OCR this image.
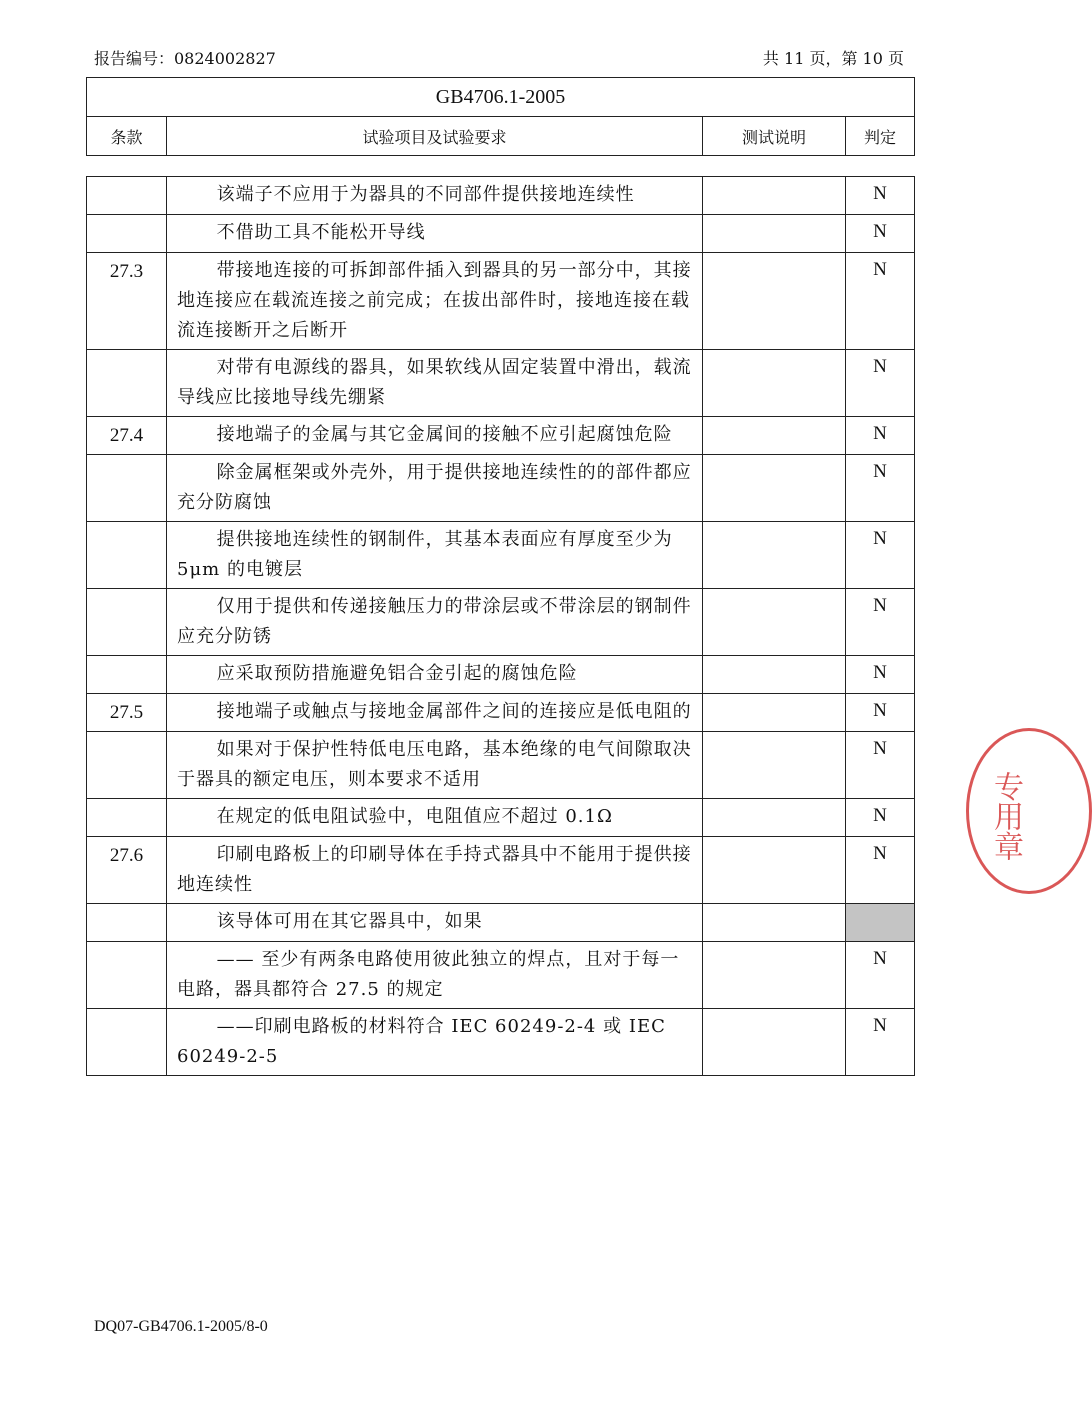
报告编号：0824002827	共 11 页，第 10 页
GB4706.1-2005
条款	试验项目及试验要求	测试说明	判定
	该端子不应用于为器具的不同部件提供接地连续性		N
	不借助工具不能松开导线		N
27.3	带接地连接的可拆卸部件插入到器具的另一部分中，其接地连接应在载流连接之前完成；在拔出部件时，接地连接在载流连接断开之后断开		N
	对带有电源线的器具，如果软线从固定装置中滑出，载流导线应比接地导线先绷紧		N
27.4	接地端子的金属与其它金属间的接触不应引起腐蚀危险		N
	除金属框架或外壳外，用于提供接地连续性的的部件都应充分防腐蚀		N
	提供接地连续性的钢制件，其基本表面应有厚度至少为5μm 的电镀层		N
	仅用于提供和传递接触压力的带涂层或不带涂层的钢制件应充分防锈		N
	应采取预防措施避免铝合金引起的腐蚀危险		N
27.5	接地端子或触点与接地金属部件之间的连接应是低电阻的		N
	如果对于保护性特低电压电路，基本绝缘的电气间隙取决于器具的额定电压，则本要求不适用		N
	在规定的低电阻试验中，电阻值应不超过 0.1Ω		N
27.6	印刷电路板上的印刷导体在手持式器具中不能用于提供接地连续性		N
	该导体可用在其它器具中，如果		
	—— 至少有两条电路使用彼此独立的焊点，且对于每一电路，器具都符合 27.5 的规定		N
	——印刷电路板的材料符合 IEC 60249-2-4 或 IEC 60249-2-5		N
专用章
DQ07-GB4706.1-2005/8-0
